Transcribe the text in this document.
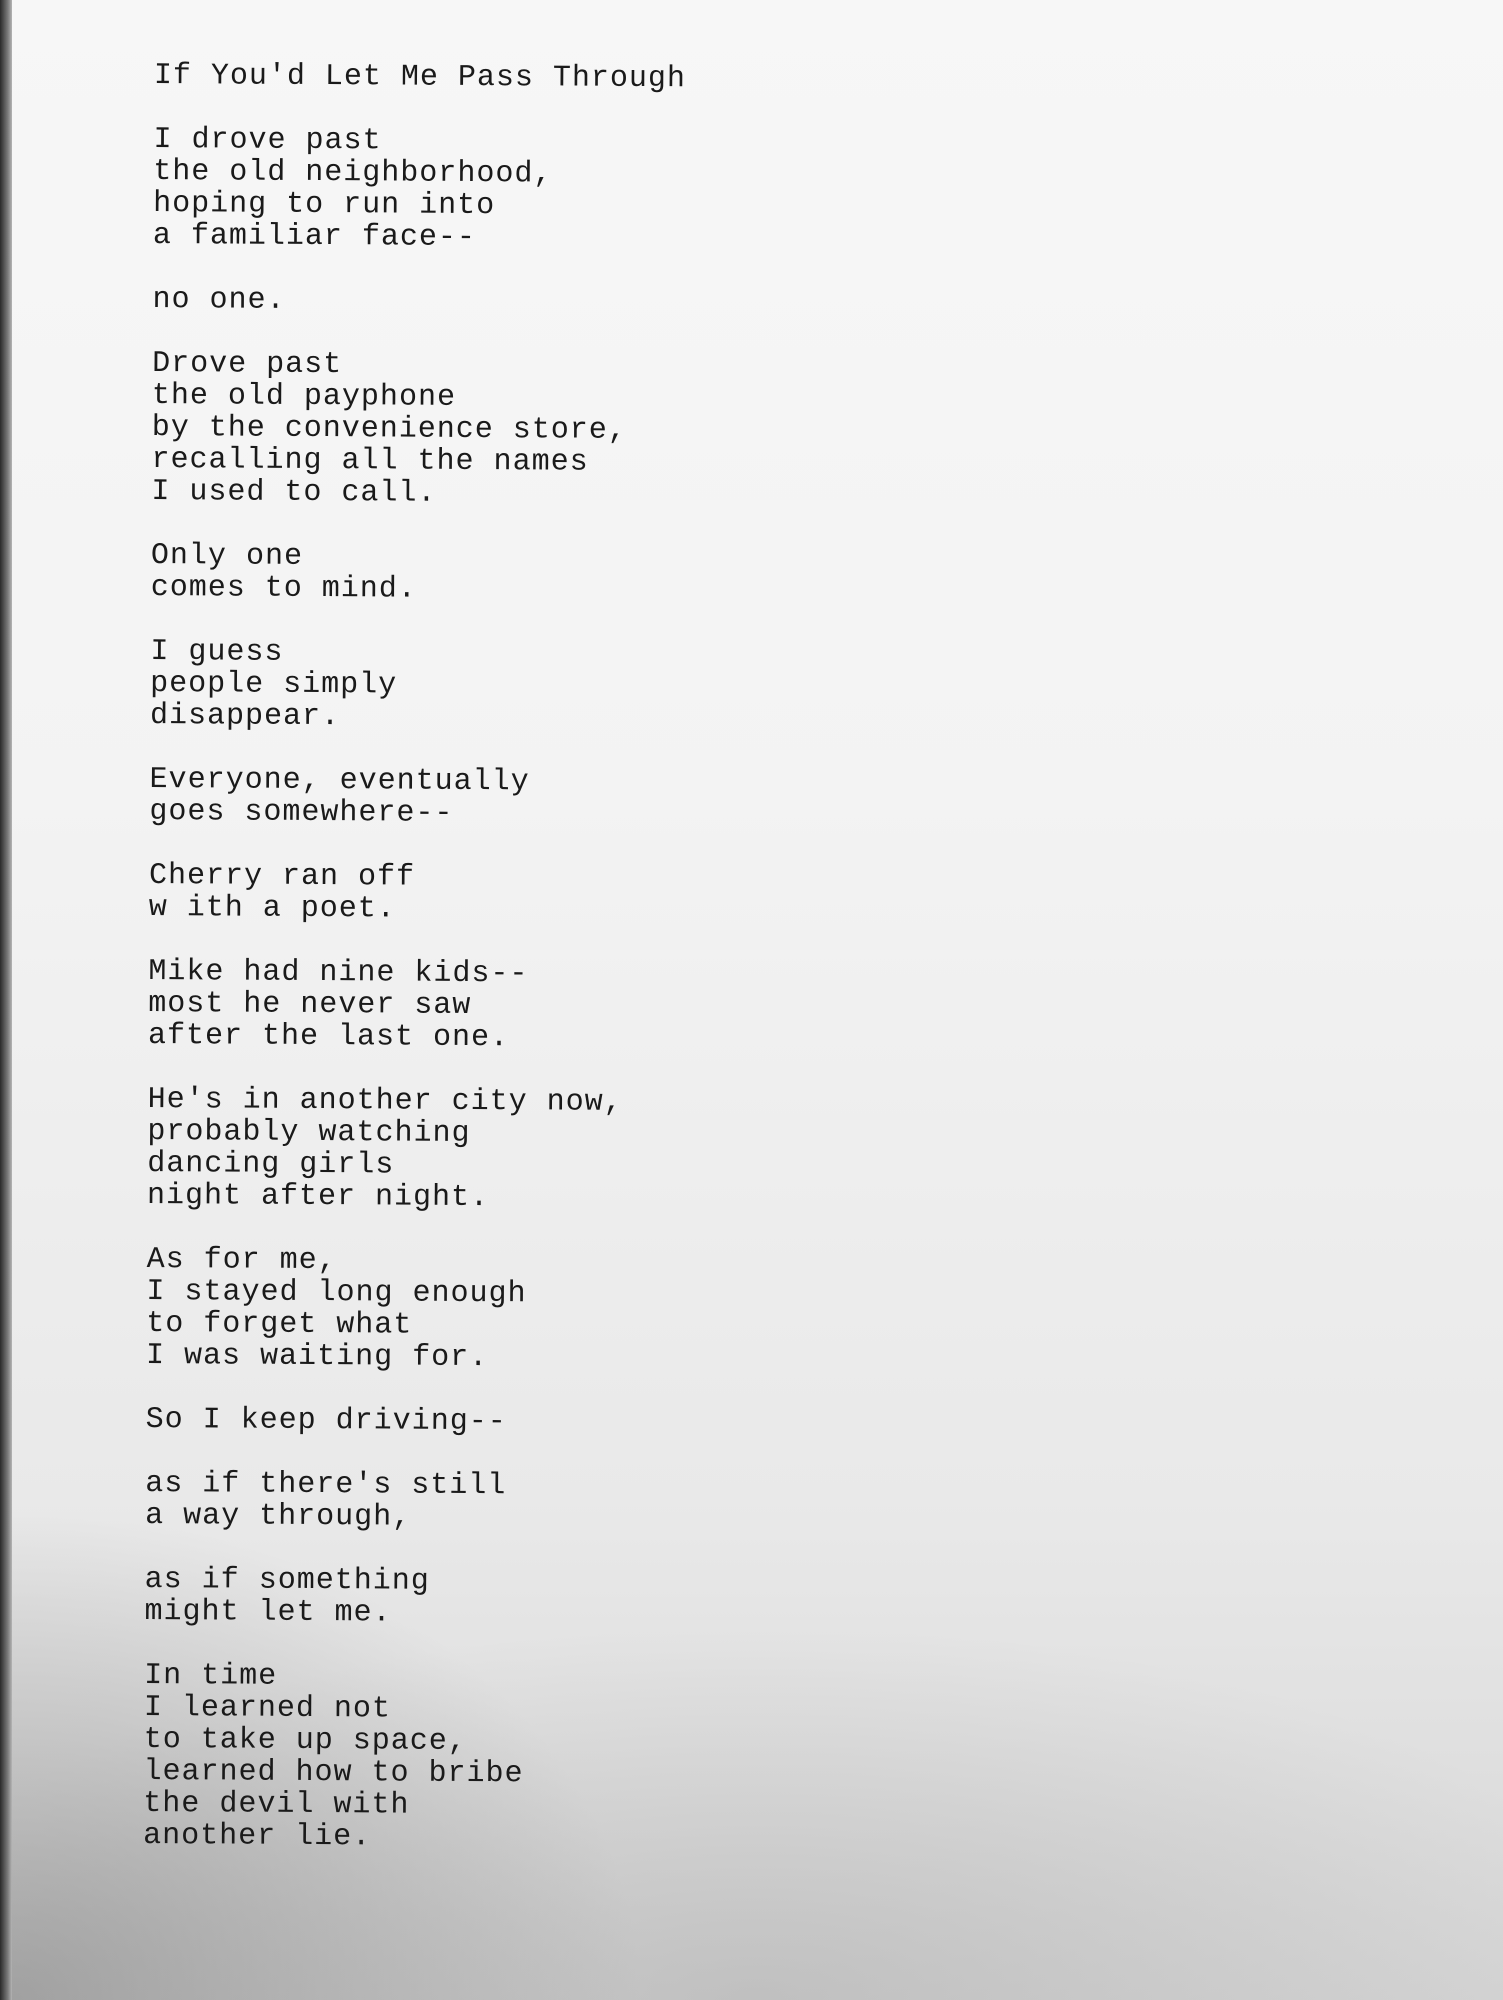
If You'd Let Me Pass Through
I drove past
the old neighborhood,
hoping to run into
a familiar face--
no one.
Drove past
the old payphone
by the convenience store,
recalling all the names
I used to call.
Only one
comes to mind.
I guess
people simply
disappear.
Everyone, eventually
goes somewhere--
Cherry ran off
w ith a poet.
Mike had nine kids--
most he never saw
after the last one.
He's in another city now,
probably watching
dancing girls
night after night.
As for me,
I stayed long enough
to forget what
I was waiting for.
So I keep driving--
as if there's still
a way through,
as if something
might let me.
In time
I learned not
to take up space,
learned how to bribe
the devil with
another lie.
